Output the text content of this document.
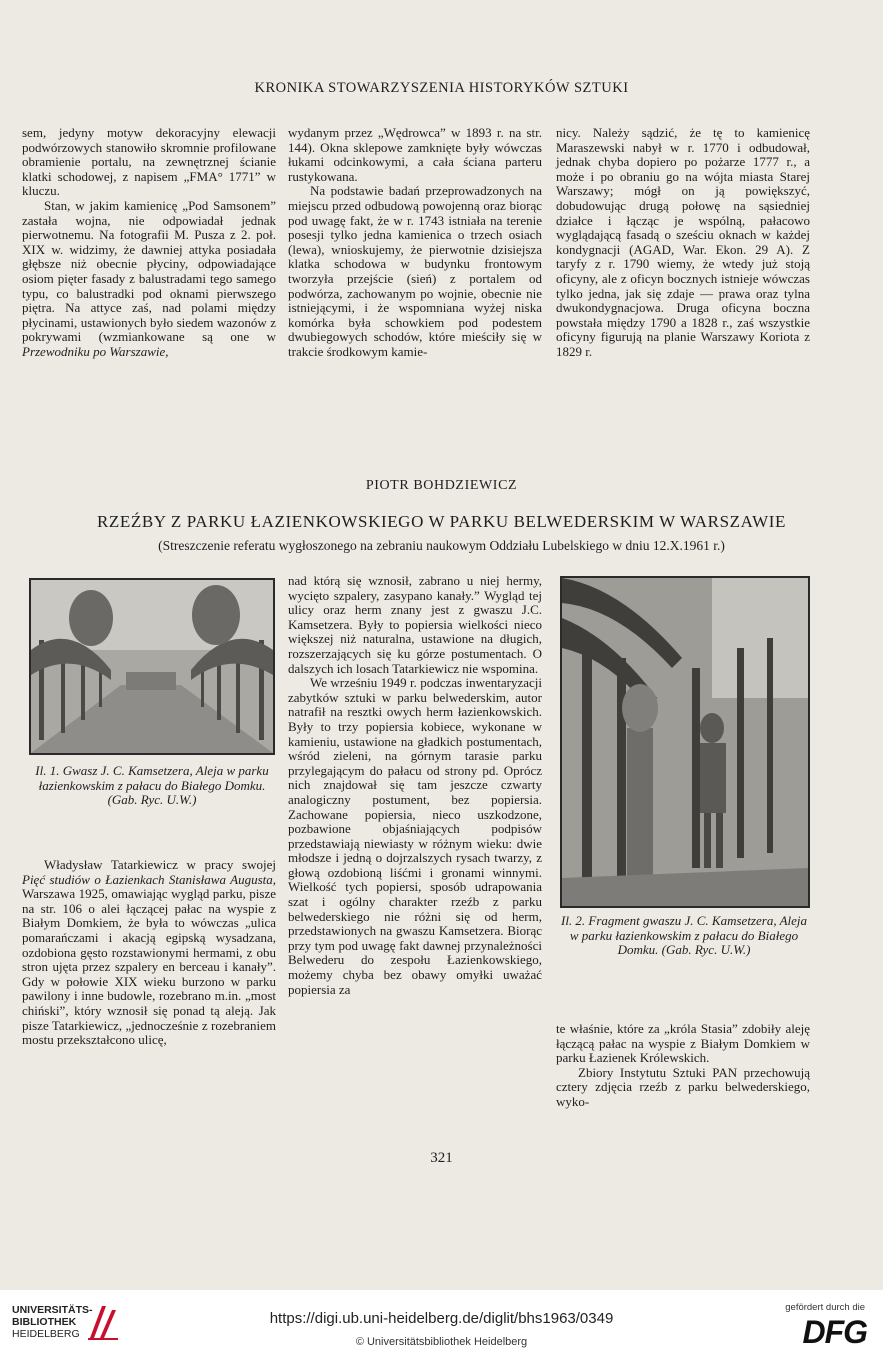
KRONIKA STOWARZYSZENIA HISTORYKÓW SZTUKI

sem, jedyny motyw dekoracyjny elewacji podwórzowych stanowiło skromnie profilowane obramienie portalu, na zewnętrznej ścianie klatki schodowej, z napisem „FMA° 1771” w kluczu.

Stan, w jakim kamienicę „Pod Samsonem” zastała wojna, nie odpowiadał jednak pierwotnemu. Na fotografii M. Pusza z 2. poł. XIX w. widzimy, że dawniej attyka posiadała głębsze niż obecnie płyciny, odpowiadające osiom pięter fasady z balustradami tego samego typu, co balustradki pod oknami pierwszego piętra. Na attyce zaś, nad polami między płycinami, ustawionych było siedem wazonów z pokrywami (wzmiankowane są one w Przewodniku po Warszawie,

wydanym przez „Wędrowca” w 1893 r. na str. 144). Okna sklepowe zamknięte były wówczas łukami odcinkowymi, a cała ściana parteru rustykowana.

Na podstawie badań przeprowadzonych na miejscu przed odbudową powojenną oraz biorąc pod uwagę fakt, że w r. 1743 istniała na terenie posesji tylko jedna kamienica o trzech osiach (lewa), wnioskujemy, że pierwotnie dzisiejsza klatka schodowa w budynku frontowym tworzyła przejście (sień) z portalem od podwórza, zachowanym po wojnie, obecnie nie istniejącymi, i że wspomniana wyżej niska komórka była schowkiem pod podestem dwubiegowych schodów, które mieściły się w trakcie środkowym kamie-

nicy. Należy sądzić, że tę to kamienicę Maraszewski nabył w r. 1770 i odbudował, jednak chyba dopiero po pożarze 1777 r., a może i po obraniu go na wójta miasta Starej Warszawy; mógł on ją powiększyć, dobudowując drugą połowę na sąsiedniej działce i łącząc je wspólną, pałacowo wyglądającą fasadą o sześciu oknach w każdej kondygnacji (AGAD, War. Ekon. 29 A). Z taryfy z r. 1790 wiemy, że wtedy już stoją oficyny, ale z oficyn bocznych istnieje wówczas tylko jedna, jak się zdaje — prawa oraz tylna dwukondygnacjowa. Druga oficyna boczna powstała między 1790 a 1828 r., zaś wszystkie oficyny figurują na planie Warszawy Koriota z 1829 r.

PIOTR BOHDZIEWICZ
RZEŹBY Z PARKU ŁAZIENKOWSKIEGO W PARKU BELWEDERSKIM W WARSZAWIE
(Streszczenie referatu wygłoszonego na zebraniu naukowym Oddziału Lubelskiego w dniu 12.X.1961 r.)
Il. 1. Gwasz J. C. Kamsetzera, Aleja w parku łazienkowskim z pałacu do Białego Domku. (Gab. Ryc. U.W.)

Władysław Tatarkiewicz w pracy swojej Pięć studiów o Łazienkach Stanisława Augusta, Warszawa 1925, omawiając wygląd parku, pisze na str. 106 o alei łączącej pałac na wyspie z Białym Domkiem, że była to wówczas „ulica pomarańczami i akacją egipską wysadzana, ozdobiona gęsto rozstawionymi hermami, z obu stron ujęta przez szpalery en berceau i kanały”. Gdy w połowie XIX wieku burzono w parku pawilony i inne budowle, rozebrano m.in. „most chiński”, który wznosił się ponad tą aleją. Jak pisze Tatarkiewicz, „jednocześnie z rozebraniem mostu przekształcono ulicę,

nad którą się wznosił, zabrano u niej hermy, wycięto szpalery, zasypano kanały.” Wygląd tej ulicy oraz herm znany jest z gwaszu J.C. Kamsetzera. Były to popiersia wielkości nieco większej niż naturalna, ustawione na długich, rozszerzających się ku górze postumentach. O dalszych ich losach Tatarkiewicz nie wspomina.

We wrześniu 1949 r. podczas inwentaryzacji zabytków sztuki w parku belwederskim, autor natrafił na resztki owych herm łazienkowskich. Były to trzy popiersia kobiece, wykonane w kamieniu, ustawione na gładkich postumentach, wśród zieleni, na górnym tarasie parku przylegającym do pałacu od strony pd. Oprócz nich znajdował się tam jeszcze czwarty analogiczny postument, bez popiersia. Zachowane popiersia, nieco uszkodzone, pozbawione objaśniających podpisów przedstawiają niewiasty w różnym wieku: dwie młodsze i jedną o dojrzalszych rysach twarzy, z głową ozdobioną liśćmi i gronami winnymi. Wielkość tych popiersi, sposób udrapowania szat i ogólny charakter rzeźb z parku belwederskiego nie różni się od herm, przedstawionych na gwaszu Kamsetzera. Biorąc przy tym pod uwagę fakt dawnej przynależności Belwederu do zespołu Łazienkowskiego, możemy chyba bez obawy omyłki uważać popiersia za

Il. 2. Fragment gwaszu J. C. Kamsetzera, Aleja w parku łazienkowskim z pałacu do Białego Domku. (Gab. Ryc. U.W.)

te właśnie, które za „króla Stasia” zdobiły aleję łączącą pałac na wyspie z Białym Domkiem w parku Łazienek Królewskich.

Zbiory Instytutu Sztuki PAN przechowują cztery zdjęcia rzeźb z parku belwederskiego, wyko-

321
UNIVERSITÄTS-
BIBLIOTHEK
HEIDELBERG
https://digi.ub.uni-heidelberg.de/diglit/bhs1963/0349
© Universitätsbibliothek Heidelberg
gefördert durch die
DFG
